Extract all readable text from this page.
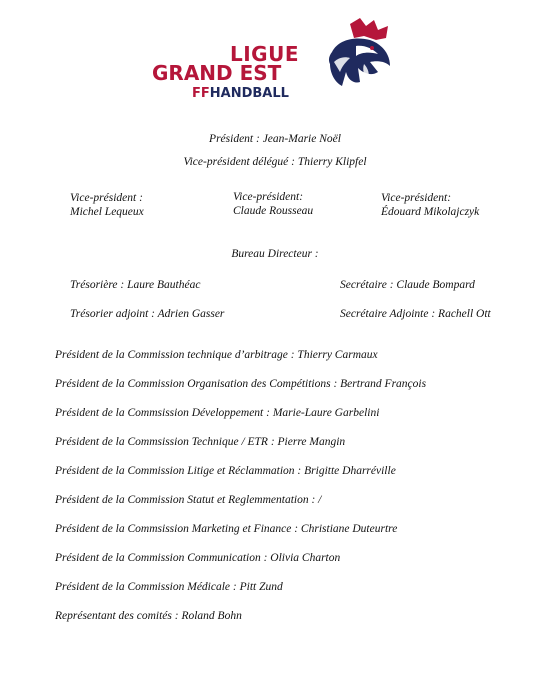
LIGUE
GRAND EST
FFHANDBALL
Président : Jean-Marie Noël
Vice-président délégué : Thierry Klipfel
Vice-président :
Michel Lequeux
Vice-président:
Claude Rousseau
Vice-président:
Édouard Mikolajczyk
Bureau Directeur :
Trésorière : Laure Bauthéac	Secrétaire : Claude Bompard
Trésorier adjoint : Adrien Gasser	Secrétaire Adjointe : Rachell Ott
Président de la Commission technique d’arbitrage : Thierry Carmaux
Président de la Commission Organisation des Compétitions : Bertrand François
Président de la Commsission Développement : Marie-Laure Garbelini
Président de la Commsission Technique / ETR : Pierre Mangin
Président de la Commission Litige et Réclammation : Brigitte Dharréville
Président de la Commission Statut et Reglemmentation : /
Président de la Commsission Marketing et Finance : Christiane Duteurtre
Président de la Commission Communication : Olivia Charton
Président de la Commission Médicale : Pitt Zund
Représentant des comités : Roland Bohn
